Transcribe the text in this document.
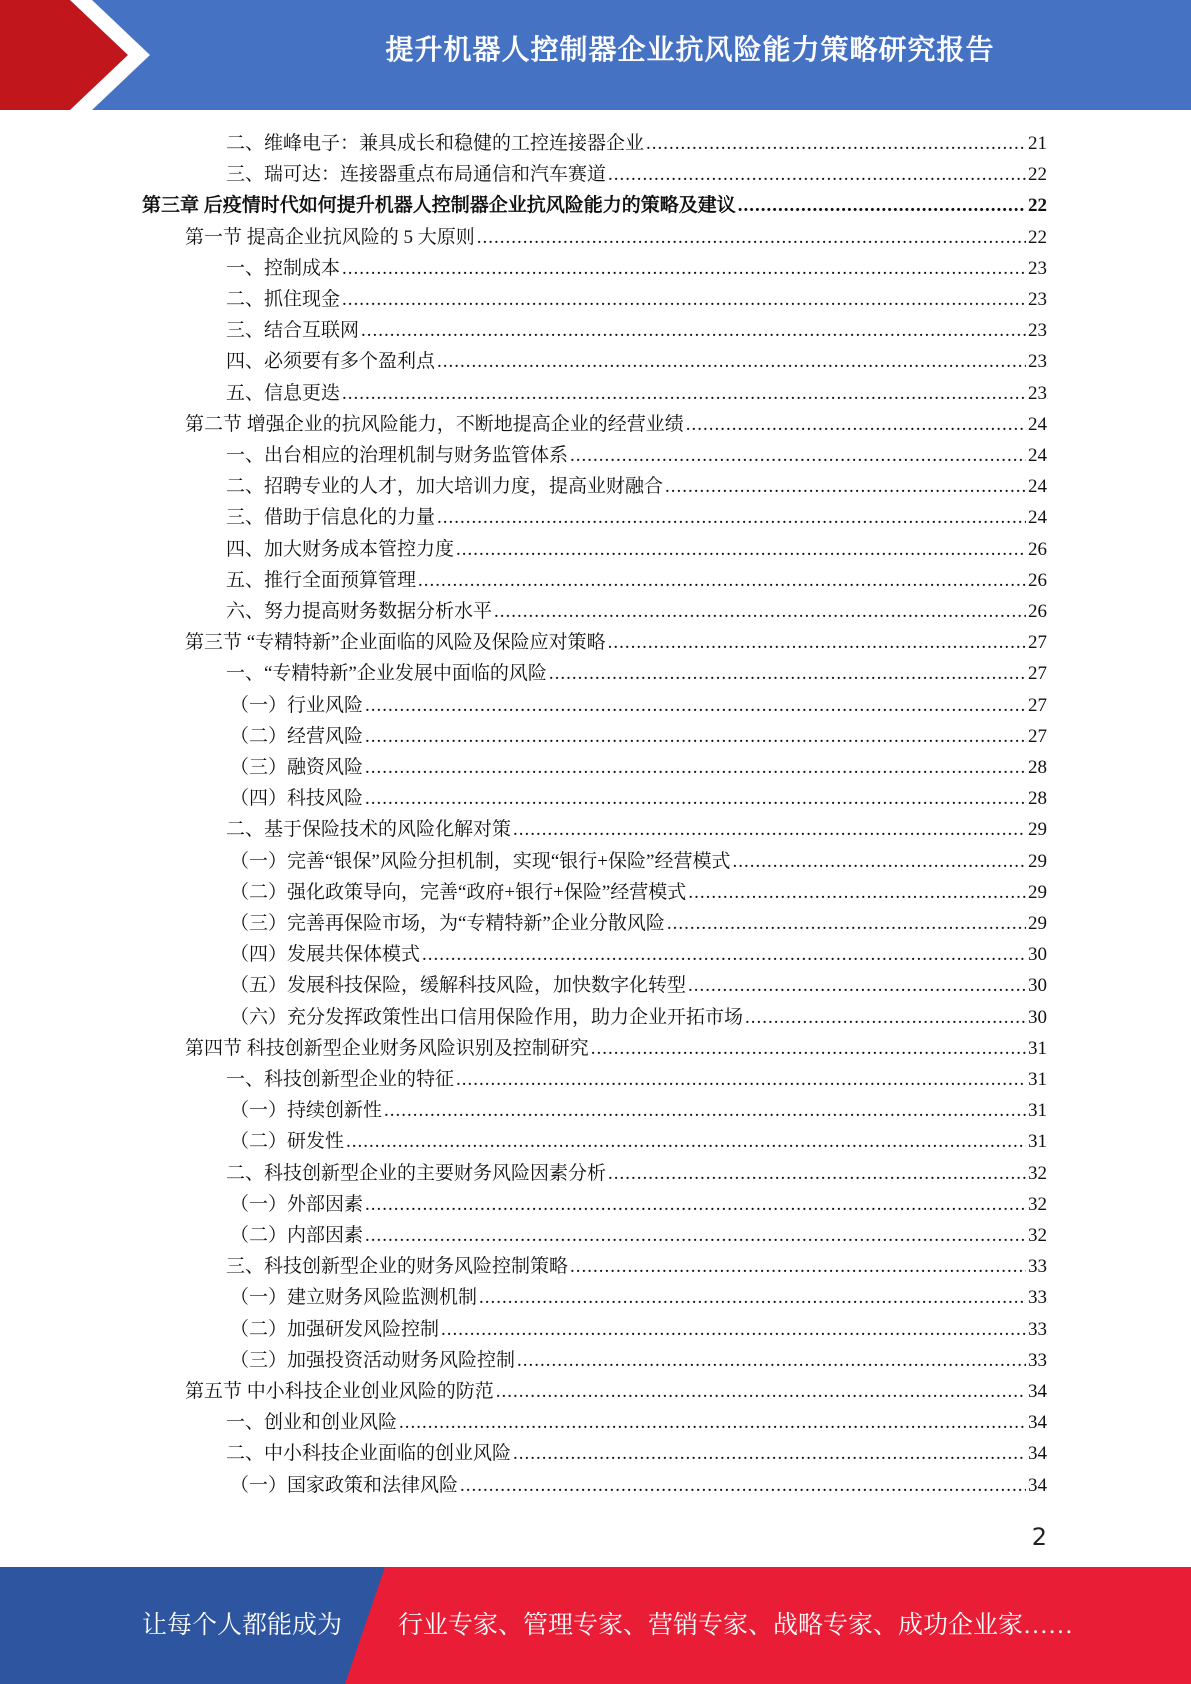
提升机器人控制器企业抗风险能力策略研究报告
二、维峰电子：兼具成长和稳健的工控连接器企业 .....	21
三、瑞可达：连接器重点布局通信和汽车赛道 .....	22
第三章 后疫情时代如何提升机器人控制器企业抗风险能力的策略及建议 .....	22
第一节 提高企业抗风险的 5 大原则 .....	22
一、控制成本 .....	23
二、抓住现金 .....	23
三、结合互联网 .....	23
四、必须要有多个盈利点 .....	23
五、信息更迭 .....	23
第二节 增强企业的抗风险能力，不断地提高企业的经营业绩 .....	24
一、出台相应的治理机制与财务监管体系 .....	24
二、招聘专业的人才，加大培训力度，提高业财融合 .....	24
三、借助于信息化的力量 .....	24
四、加大财务成本管控力度 .....	26
五、推行全面预算管理 .....	26
六、努力提高财务数据分析水平 .....	26
第三节 “专精特新”企业面临的风险及保险应对策略 .....	27
一、“专精特新”企业发展中面临的风险 .....	27
（一）行业风险 .....	27
（二）经营风险 .....	27
（三）融资风险 .....	28
（四）科技风险 .....	28
二、基于保险技术的风险化解对策 .....	29
（一）完善“银保”风险分担机制，实现“银行+保险”经营模式 .....	29
（二）强化政策导向，完善“政府+银行+保险”经营模式 .....	29
（三）完善再保险市场，为“专精特新”企业分散风险 .....	29
（四）发展共保体模式 .....	30
（五）发展科技保险，缓解科技风险，加快数字化转型 .....	30
（六）充分发挥政策性出口信用保险作用，助力企业开拓市场 .....	30
第四节 科技创新型企业财务风险识别及控制研究 .....	31
一、科技创新型企业的特征 .....	31
（一）持续创新性 .....	31
（二）研发性 .....	31
二、科技创新型企业的主要财务风险因素分析 .....	32
（一）外部因素 .....	32
（二）内部因素 .....	32
三、科技创新型企业的财务风险控制策略 .....	33
（一）建立财务风险监测机制 .....	33
（二）加强研发风险控制 .....	33
（三）加强投资活动财务风险控制 .....	33
第五节 中小科技企业创业风险的防范 .....	34
一、创业和创业风险 .....	34
二、中小科技企业面临的创业风险 .....	34
（一）国家政策和法律风险 .....	34
2
让每个人都能成为 行业专家、管理专家、营销专家、战略专家、成功企业家……
